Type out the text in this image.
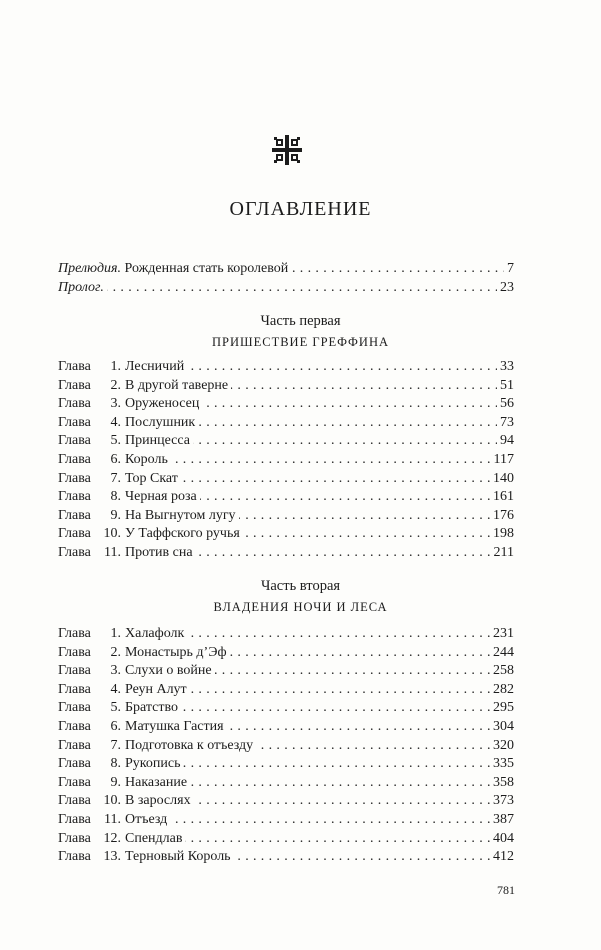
ОГЛАВЛЕНИЕ
. . . Прелюдия. Рожденная стать королевой	7
. . . Пролог.	23
Часть первая
ПРИШЕСТВИЕ ГРЕФФИНА
. . . Глава 1. Лесничий	33
. . . Глава 2. В другой таверне	51
. . . Глава 3. Оруженосец	56
. . . Глава 4. Послушник	73
. . . Глава 5. Принцесса	94
. . . Глава 6. Король	117
. . . Глава 7. Тор Скат	140
. . . Глава 8. Черная роза	161
. . . Глава 9. На Выгнутом лугу	176
. . . Глава 10. У Таффского ручья	198
. . . Глава 11. Против сна	211
Часть вторая
ВЛАДЕНИЯ НОЧИ И ЛЕСА
. . . Глава 1. Халафолк	231
. . . Глава 2. Монастырь д’Эф	244
. . . Глава 3. Слухи о войне	258
. . . Глава 4. Реун Алут	282
. . . Глава 5. Братство	295
. . . Глава 6. Матушка Гастия	304
. . . Глава 7. Подготовка к отъезду	320
. . . Глава 8. Рукопись	335
. . . Глава 9. Наказание	358
. . . Глава 10. В зарослях	373
. . . Глава 11. Отъезд	387
. . . Глава 12. Спендлав	404
. . . Глава 13. Терновый Король	412
781
